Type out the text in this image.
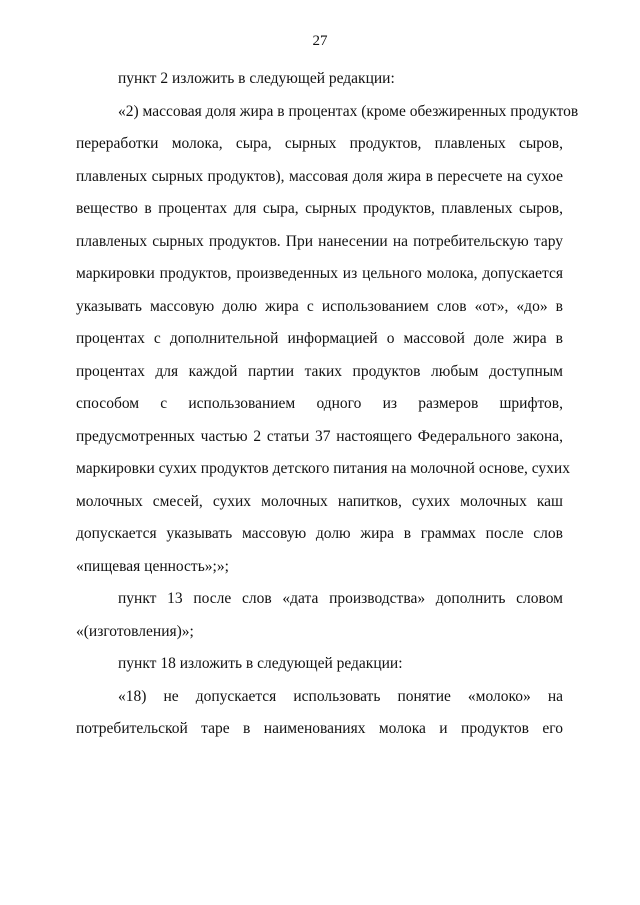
27
пункт 2 изложить в следующей редакции:
«2) массовая доля жира в процентах (кроме обезжиренных продуктов
переработки молока, сыра, сырных продуктов, плавленых сыров,
плавленых сырных продуктов), массовая доля жира в пересчете на сухое
вещество в процентах для сыра, сырных продуктов, плавленых сыров,
плавленых сырных продуктов. При нанесении на потребительскую тару
маркировки продуктов, произведенных из цельного молока, допускается
указывать массовую долю жира с использованием слов «от», «до» в
процентах с дополнительной информацией о массовой доле жира в
процентах для каждой партии таких продуктов любым доступным
способом с использованием одного из размеров шрифтов,
предусмотренных частью 2 статьи 37 настоящего Федерального закона,
маркировки сухих продуктов детского питания на молочной основе, сухих
молочных смесей, сухих молочных напитков, сухих молочных каш
допускается указывать массовую долю жира в граммах после слов
«пищевая ценность»;»;
пункт 13 после слов «дата производства» дополнить словом
«(изготовления)»;
пункт 18 изложить в следующей редакции:
«18) не допускается использовать понятие «молоко» на
потребительской таре в наименованиях молока и продуктов его
